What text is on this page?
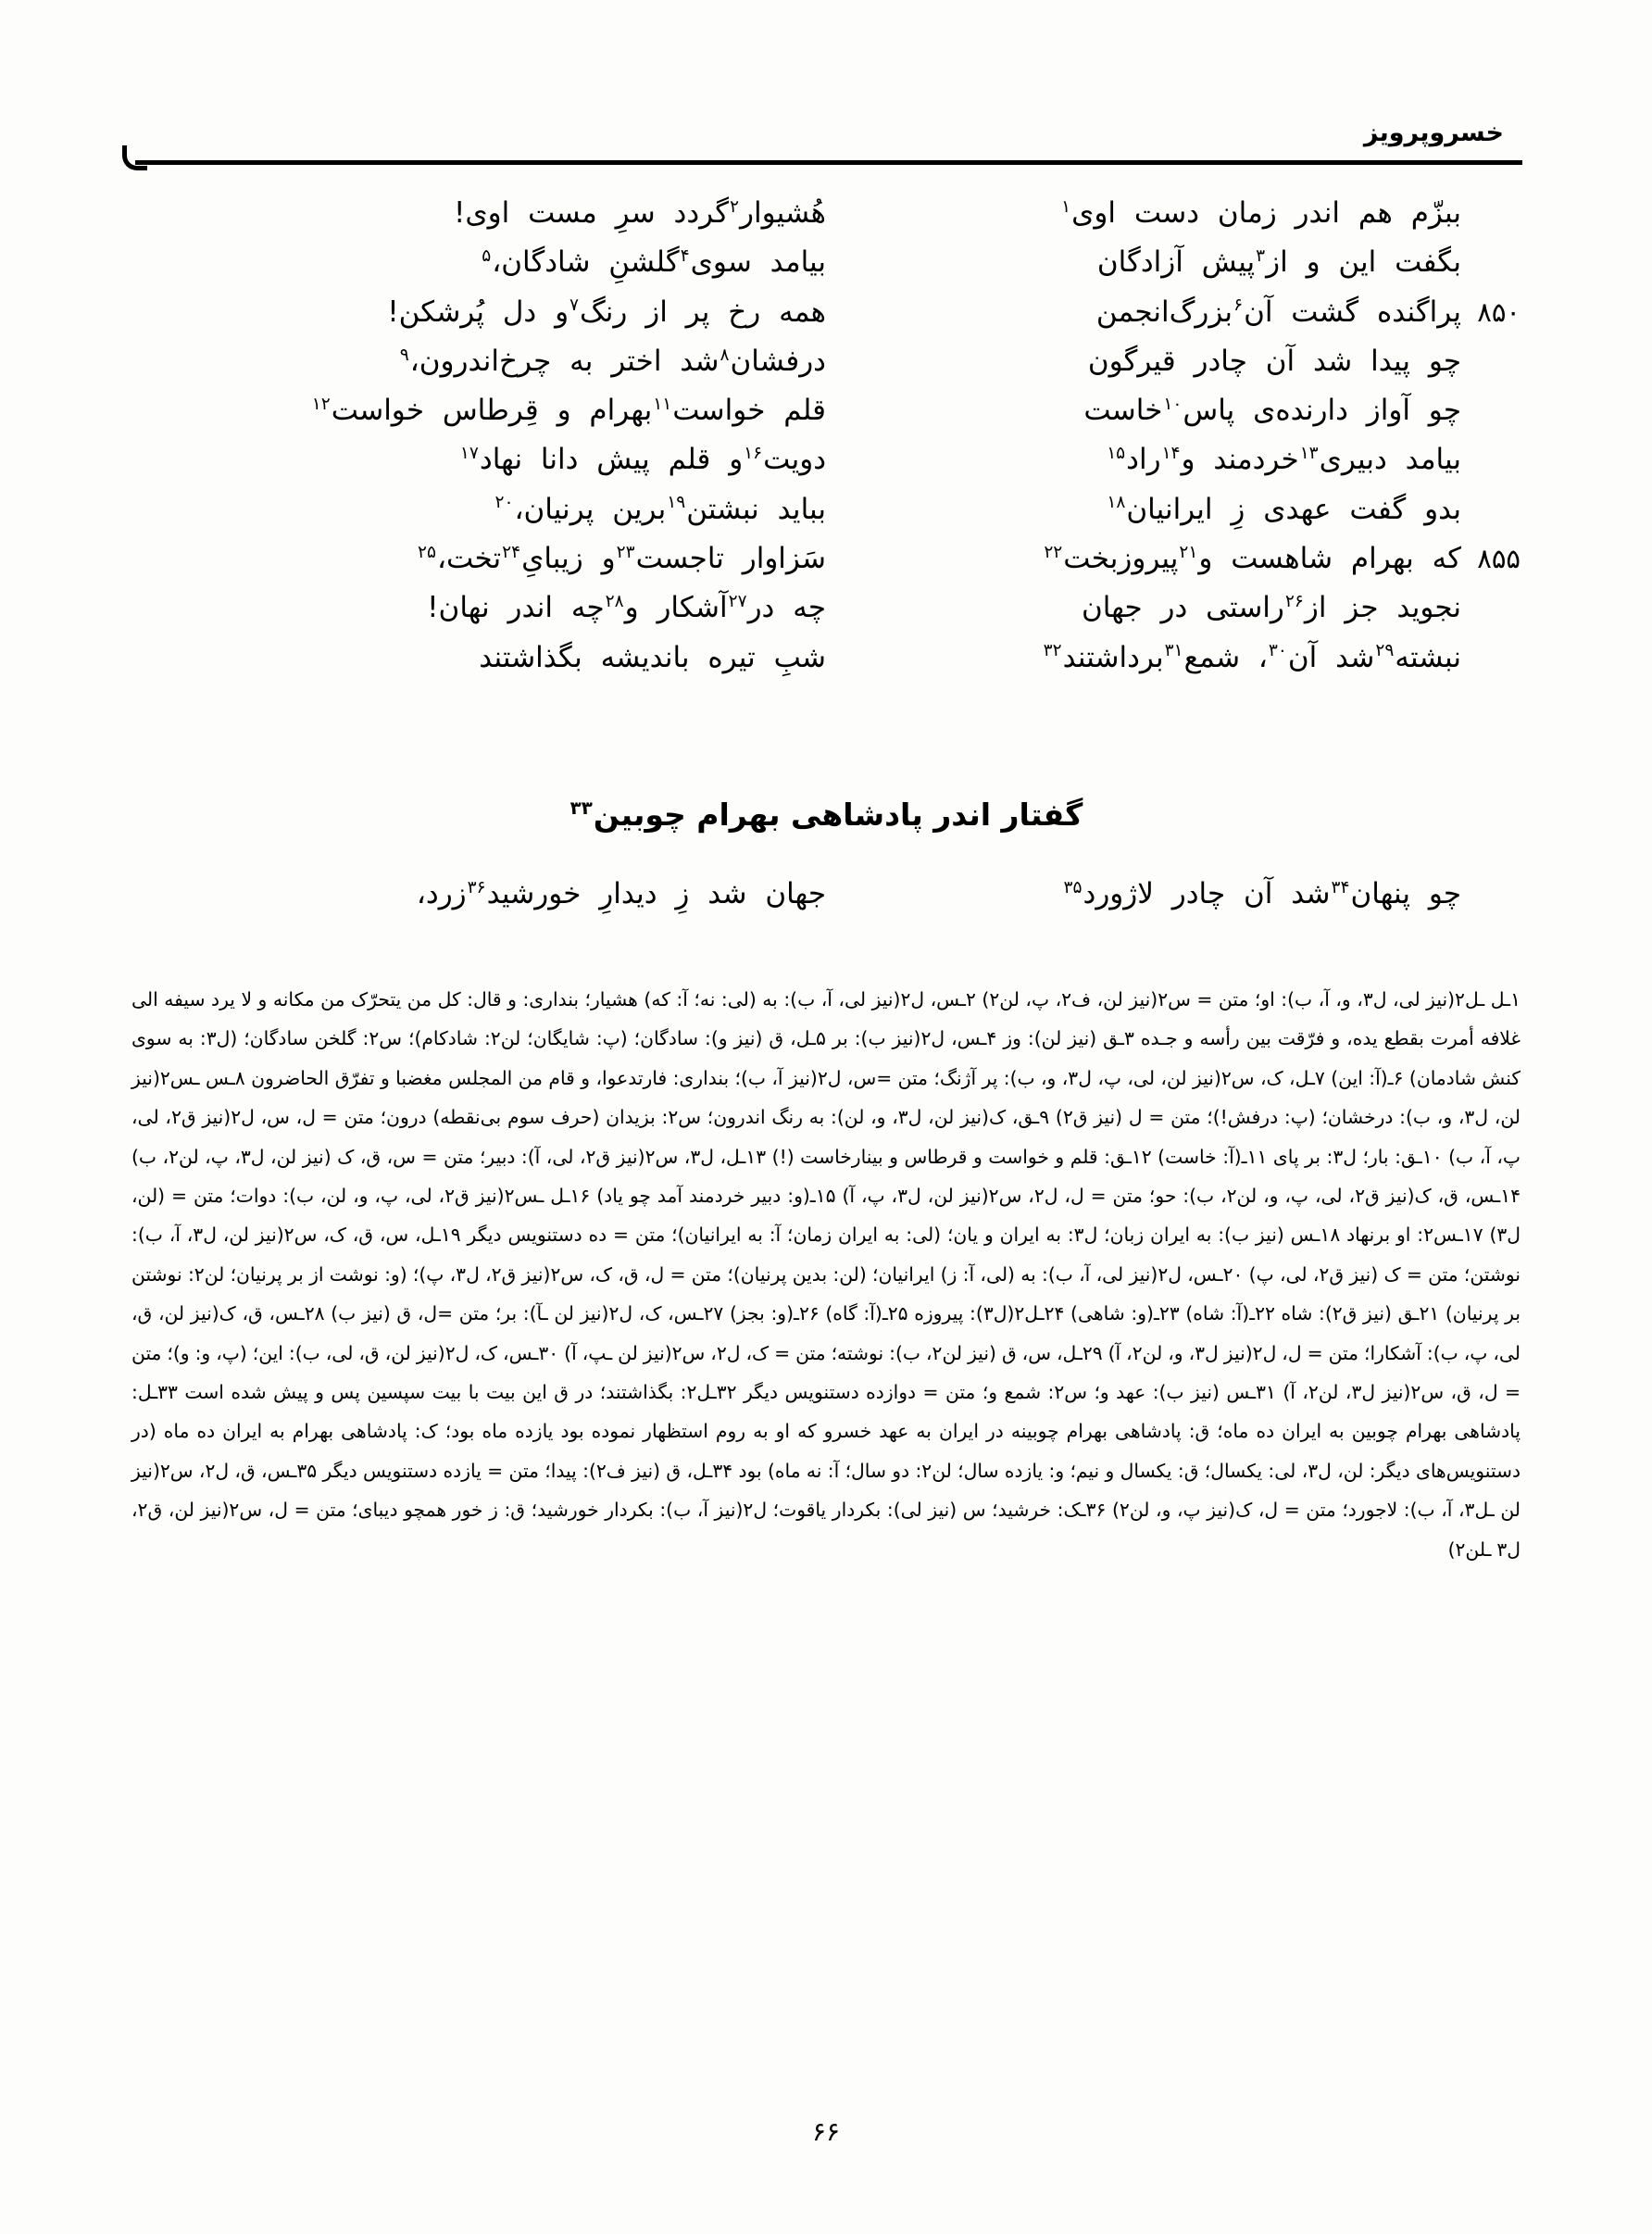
خسروپرویز
ببزّم هم اندر زمان دست اوی$^۱$
هُشیوار$^۲$گردد سرِ مست اوی!
بگفت این و از$^۳$پیش آزادگان
بیامد سوی$^۴$گلشنِ شادگان،$^۵$
۸۵۰
پراگنده گشت آن$^۶$بزرگ‌انجمن
همه رخ پر از رنگ$^۷$و دل پُرشکن!
چو پیدا شد آن چادر قیرگون
درفشان$^۸$شد اختر به چرخ‌اندرون،$^۹$
چو آواز دارنده‌ی پاس$^{۱۰}$خاست
قلم خواست$^{۱۱}$بهرام و قِرطاس خواست$^{۱۲}$
بیامد دبیری$^{۱۳}$خردمند و$^{۱۴}$راد$^{۱۵}$
دویت$^{۱۶}$و قلم پیش دانا نهاد$^{۱۷}$
بدو گفت عهدی زِ ایرانیان$^{۱۸}$
بباید نبشتن$^{۱۹}$برین پرنیان،$^{۲۰}$
۸۵۵
که بهرام شاهست و$^{۲۱}$پیروزبخت$^{۲۲}$
سَزاوار تاجست$^{۲۳}$و زیبایِ$^{۲۴}$تخت،$^{۲۵}$
نجوید جز از$^{۲۶}$راستی در جهان
چه در$^{۲۷}$آشکار و$^{۲۸}$چه اندر نهان!
نبشته$^{۲۹}$شد آن$^{۳۰}$، شمع$^{۳۱}$برداشتند$^{۳۲}$
شبِ تیره باندیشه بگذاشتند
گفتار اندر پادشاهی بهرام چوبین$^{۳۳}$
چو پنهان$^{۳۴}$شد آن چادر لاژورد$^{۳۵}$
جهان شد زِ دیدارِ خورشید$^{۳۶}$زرد،

۱ـل ـل۲(نیز لی، ل۳، و، آ، ب): او؛ متن = س۲(نیز لن، ف۲، پ، لن۲) ۲ـس، ل۲(نیز لی، آ، ب): به (لی: نه؛ آ: که) هشیار؛ بنداری: و قال: کل من یتحرّک من مکانه و لا یرد سیفه الی غلافه أمرت بقطع یده، و فرّقت بین رأسه و جـده ۳ـق (نیز لن): وز ۴ـس، ل۲(نیز ب): بر ۵ـل، ق (نیز و): سادگان؛ (پ: شایگان؛ لن۲: شادکام)؛ س۲: گلخن سادگان؛ (ل۳: به سوی کنش شادمان) ۶ـ(آ: این) ۷ـل، ک، س۲(نیز لن، لی، پ، ل۳، و، ب): پر آژنگ؛ متن =س، ل۲(نیز آ، ب)؛ بنداری: فارتدعوا، و قام من المجلس مغضبا و تفرّق الحاضرون ۸ـس ـس۲(نیز لن، ل۳، و، ب): درخشان؛ (پ: درفش!)؛ متن = ل (نیز ق۲) ۹ـق، ک(نیز لن، ل۳، و، لن): به رنگ اندرون؛ س۲: بزیدان (حرف سوم بی‌نقطه) درون؛ متن = ل، س، ل۲(نیز ق۲، لی، پ، آ، ب) ۱۰ـق: بار؛ ل۳: بر پای ۱۱ـ(آ: خاست) ۱۲ـق: قلم و خواست و قرطاس و بینارخاست (!) ۱۳ـل، ل۳، س۲(نیز ق۲، لی، آ): دبیر؛ متن = س، ق، ک (نیز لن، ل۳، پ، لن۲، ب) ۱۴ـس، ق، ک(نیز ق۲، لی، پ، و، لن۲، ب): حو؛ متن = ل، ل۲، س۲(نیز لن، ل۳، پ، آ) ۱۵ـ(و: دبیر خردمند آمد چو یاد) ۱۶ـل ـس۲(نیز ق۲، لی، پ، و، لن، ب): دوات؛ متن = (لن، ل۳) ۱۷ـس۲: او برنهاد ۱۸ـس (نیز ب): به ایران زبان؛ ل۳: به ایران و یان؛ (لی: به ایران زمان؛ آ: به ایرانیان)؛ متن = ده دستنویس دیگر ۱۹ـل، س، ق، ک، س۲(نیز لن، ل۳، آ، ب): نوشتن؛ متن = ک (نیز ق۲، لی، پ) ۲۰ـس، ل۲(نیز لی، آ، ب): به (لی، آ: ز) ایرانیان؛ (لن: بدین پرنیان)؛ متن = ل، ق، ک، س۲(نیز ق۲، ل۳، پ)؛ (و: نوشت از بر پرنیان؛ لن۲: نوشتن بر پرنیان) ۲۱ـق (نیز ق۲): شاه ۲۲ـ(آ: شاه) ۲۳ـ(و: شاهی) ۲۴ـل۲(ل۳): پیروزه ۲۵ـ(آ: گاه) ۲۶ـ(و: بجز) ۲۷ـس، ک، ل۲(نیز لن ـآ): بر؛ متن =ل، ق (نیز ب) ۲۸ـس، ق، ک(نیز لن، ق، لی، پ، ب): آشکارا؛ متن = ل، ل۲(نیز ل۳، و، لن۲، آ) ۲۹ـل، س، ق (نیز لن۲، ب): نوشته؛ متن = ک، ل۲، س۲(نیز لن ـپ، آ) ۳۰ـس، ک، ل۲(نیز لن، ق، لی، ب): این؛ (پ، و: و)؛ متن = ل، ق، س۲(نیز ل۳، لن۲، آ) ۳۱ـس (نیز ب): عهد و؛ س۲: شمع و؛ متن = دوازده دستنویس دیگر ۳۲ـل۲: بگذاشتند؛ در ق این بیت با بیت سپسین پس و پیش شده است ۳۳ـل: پادشاهی بهرام چوبین به ایران ده ماه؛ ق: پادشاهی بهرام چوبینه در ایران به عهد خسرو که او به روم استظهار نموده بود یازده ماه بود؛ ک: پادشاهی بهرام به ایران ده ماه (در دستنویس‌های دیگر: لن، ل۳، لی: یکسال؛ ق: یکسال و نیم؛ و: یازده سال؛ لن۲: دو سال؛ آ: نه ماه) بود ۳۴ـل، ق (نیز ف۲): پیدا؛ متن = یازده دستنویس دیگر ۳۵ـس، ق، ل۲، س۲(نیز لن ـل۳، آ، ب): لاجورد؛ متن = ل، ک(نیز پ، و، لن۲) ۳۶ـک: خرشید؛ س (نیز لی): بکردار یاقوت؛ ل۲(نیز آ، ب): بکردار خورشید؛ ق: ز خور همچو دیبای؛ متن = ل، س۲(نیز لن، ق۲، ل۳ ـلن۲)

۶۶
